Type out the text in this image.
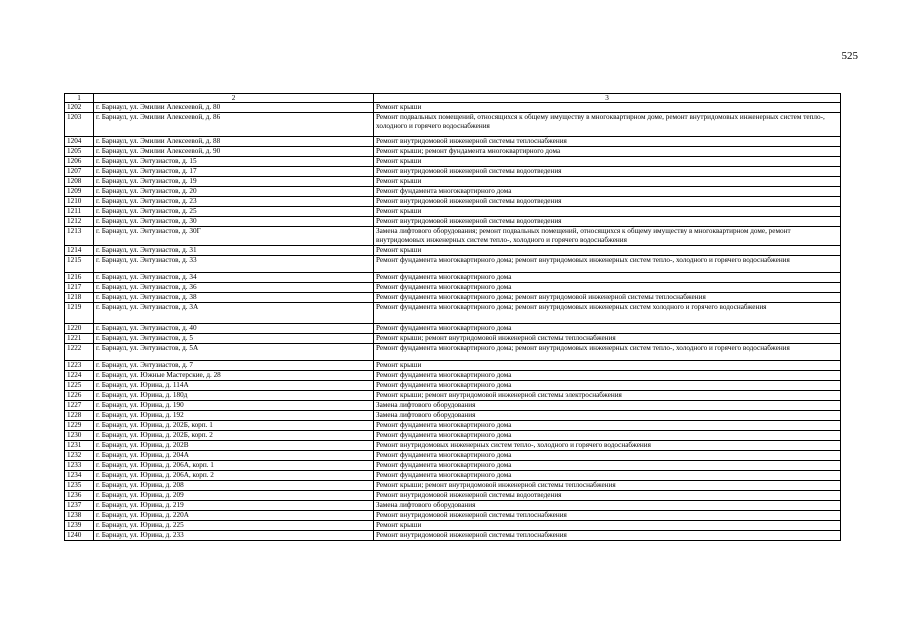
525
1	2	3
1202	г. Барнаул, ул. Эмилии Алексеевой, д. 80	Ремонт крыши
1203	г. Барнаул, ул. Эмилии Алексеевой, д. 86	Ремонт подвальных помещений, относящихся к общему имуществу в многоквартирном доме, ремонт внутридомовых инженерных систем тепло-, холодного и горячего водоснабжения
1204	г. Барнаул, ул. Эмилии Алексеевой, д. 88	Ремонт внутридомовой инженерной системы теплоснабжения
1205	г. Барнаул, ул. Эмилии Алексеевой, д. 90	Ремонт крыши; ремонт фундамента многоквартирного дома
1206	г. Барнаул, ул. Энтузиастов, д. 15	Ремонт крыши
1207	г. Барнаул, ул. Энтузиастов, д. 17	Ремонт внутридомовой инженерной системы водоотведения
1208	г. Барнаул, ул. Энтузиастов, д. 19	Ремонт крыши
1209	г. Барнаул, ул. Энтузиастов, д. 20	Ремонт фундамента многоквартирного дома
1210	г. Барнаул, ул. Энтузиастов, д. 23	Ремонт внутридомовой инженерной системы водоотведения
1211	г. Барнаул, ул. Энтузиастов, д. 25	Ремонт крыши
1212	г. Барнаул, ул. Энтузиастов, д. 30	Ремонт внутридомовой инженерной системы водоотведения
1213	г. Барнаул, ул. Энтузиастов, д. 30Г	Замена лифтового оборудования; ремонт подвальных помещений, относящихся к общему имуществу в многоквартирном доме, ремонт внутридомовых инженерных систем тепло-, холодного и горячего водоснабжения
1214	г. Барнаул, ул. Энтузиастов, д. 31	Ремонт крыши
1215	г. Барнаул, ул. Энтузиастов, д. 33	Ремонт фундамента многоквартирного дома; ремонт внутридомовых инженерных систем тепло-, холодного и горячего водоснабжения
1216	г. Барнаул, ул. Энтузиастов, д. 34	Ремонт фундамента многоквартирного дома
1217	г. Барнаул, ул. Энтузиастов, д. 36	Ремонт фундамента многоквартирного дома
1218	г. Барнаул, ул. Энтузиастов, д. 38	Ремонт фундамента многоквартирного дома; ремонт внутридомовой инженерной системы теплоснабжения
1219	г. Барнаул, ул. Энтузиастов, д. 3А	Ремонт фундамента многоквартирного дома; ремонт внутридомовых инженерных систем холодного и горячего водоснабжения
1220	г. Барнаул, ул. Энтузиастов, д. 40	Ремонт фундамента многоквартирного дома
1221	г. Барнаул, ул. Энтузиастов, д. 5	Ремонт крыши; ремонт внутридомовой инженерной системы теплоснабжения
1222	г. Барнаул, ул. Энтузиастов, д. 5А	Ремонт фундамента многоквартирного дома; ремонт внутридомовых инженерных систем тепло-, холодного и горячего водоснабжения
1223	г. Барнаул, ул. Энтузиастов, д. 7	Ремонт крыши
1224	г. Барнаул, ул. Южные Мастерские, д. 28	Ремонт фундамента многоквартирного дома
1225	г. Барнаул, ул. Юрина, д. 114А	Ремонт фундамента многоквартирного дома
1226	г. Барнаул, ул. Юрина, д. 180д	Ремонт крыши; ремонт внутридомовой инженерной системы электроснабжения
1227	г. Барнаул, ул. Юрина, д. 190	Замена лифтового оборудования
1228	г. Барнаул, ул. Юрина, д. 192	Замена лифтового оборудования
1229	г. Барнаул, ул. Юрина, д. 202Б, корп. 1	Ремонт фундамента многоквартирного дома
1230	г. Барнаул, ул. Юрина, д. 202Б, корп. 2	Ремонт фундамента многоквартирного дома
1231	г. Барнаул, ул. Юрина, д. 202В	Ремонт внутридомовых инженерных систем тепло-, холодного и горячего водоснабжения
1232	г. Барнаул, ул. Юрина, д. 204А	Ремонт фундамента многоквартирного дома
1233	г. Барнаул, ул. Юрина, д. 206А, корп. 1	Ремонт фундамента многоквартирного дома
1234	г. Барнаул, ул. Юрина, д. 206А, корп. 2	Ремонт фундамента многоквартирного дома
1235	г. Барнаул, ул. Юрина, д. 208	Ремонт крыши; ремонт внутридомовой инженерной системы теплоснабжения
1236	г. Барнаул, ул. Юрина, д. 209	Ремонт внутридомовой инженерной системы водоотведения
1237	г. Барнаул, ул. Юрина, д. 219	Замена лифтового оборудования
1238	г. Барнаул, ул. Юрина, д. 220А	Ремонт внутридомовой инженерной системы теплоснабжения
1239	г. Барнаул, ул. Юрина, д. 225	Ремонт крыши
1240	г. Барнаул, ул. Юрина, д. 233	Ремонт внутридомовой инженерной системы теплоснабжения
